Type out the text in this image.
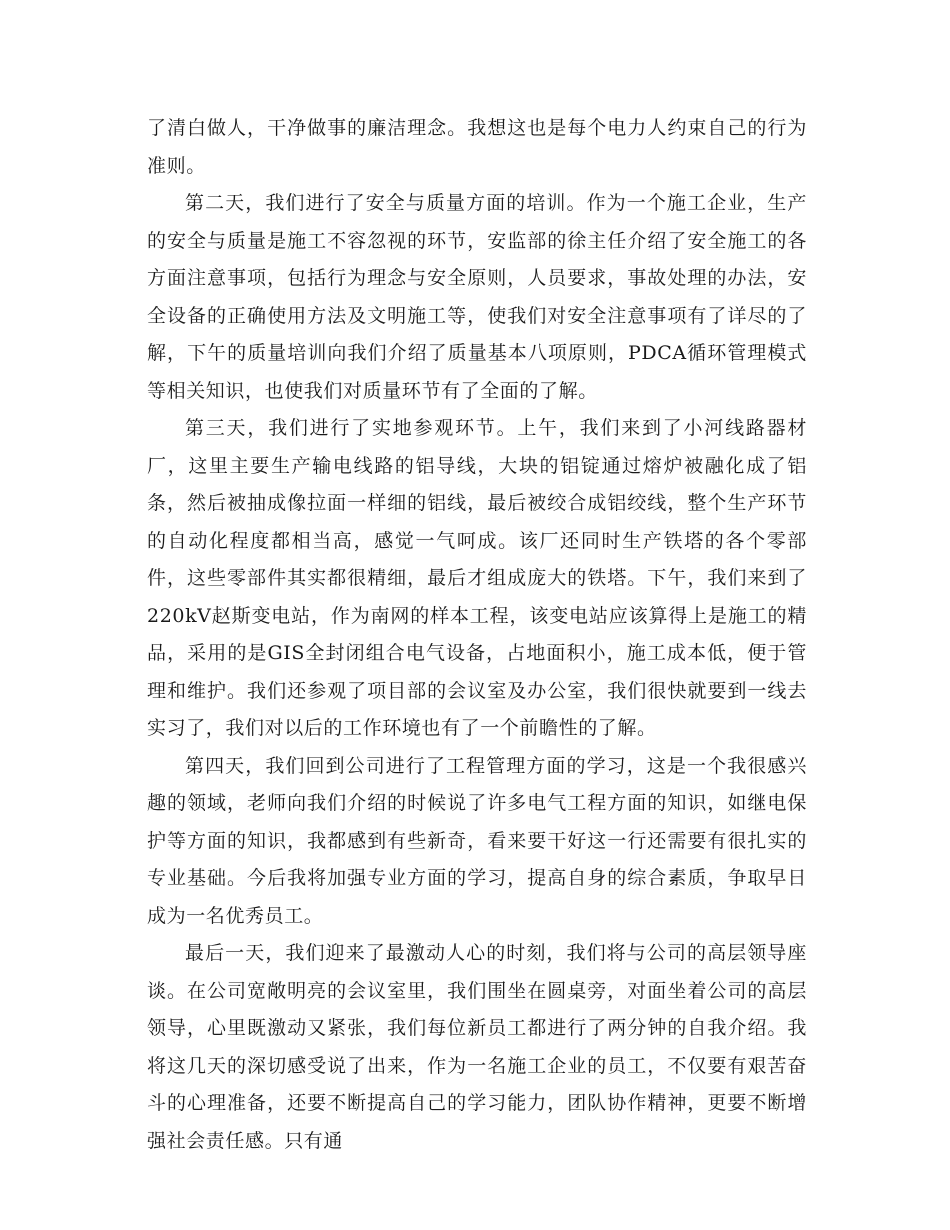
了清白做人，干净做事的廉洁理念。我想这也是每个电力人约束自己的行为准则。

第二天，我们进行了安全与质量方面的培训。作为一个施工企业，生产的安全与质量是施工不容忽视的环节，安监部的徐主任介绍了安全施工的各方面注意事项，包括行为理念与安全原则，人员要求，事故处理的办法，安全设备的正确使用方法及文明施工等，使我们对安全注意事项有了详尽的了解，下午的质量培训向我们介绍了质量基本八项原则，PDCA循环管理模式等相关知识，也使我们对质量环节有了全面的了解。

第三天，我们进行了实地参观环节。上午，我们来到了小河线路器材厂，这里主要生产输电线路的铝导线，大块的铝锭通过熔炉被融化成了铝条，然后被抽成像拉面一样细的铝线，最后被绞合成铝绞线，整个生产环节的自动化程度都相当高，感觉一气呵成。该厂还同时生产铁塔的各个零部件，这些零部件其实都很精细，最后才组成庞大的铁塔。下午，我们来到了220kV赵斯变电站，作为南网的样本工程，该变电站应该算得上是施工的精品，采用的是GIS全封闭组合电气设备，占地面积小，施工成本低，便于管理和维护。我们还参观了项目部的会议室及办公室，我们很快就要到一线去实习了，我们对以后的工作环境也有了一个前瞻性的了解。

第四天，我们回到公司进行了工程管理方面的学习，这是一个我很感兴趣的领域，老师向我们介绍的时候说了许多电气工程方面的知识，如继电保护等方面的知识，我都感到有些新奇，看来要干好这一行还需要有很扎实的专业基础。今后我将加强专业方面的学习，提高自身的综合素质，争取早日成为一名优秀员工。

最后一天，我们迎来了最激动人心的时刻，我们将与公司的高层领导座谈。在公司宽敞明亮的会议室里，我们围坐在圆桌旁，对面坐着公司的高层领导，心里既激动又紧张，我们每位新员工都进行了两分钟的自我介绍。我将这几天的深切感受说了出来，作为一名施工企业的员工，不仅要有艰苦奋斗的心理准备，还要不断提高自己的学习能力，团队协作精神，更要不断增强社会责任感。只有通
